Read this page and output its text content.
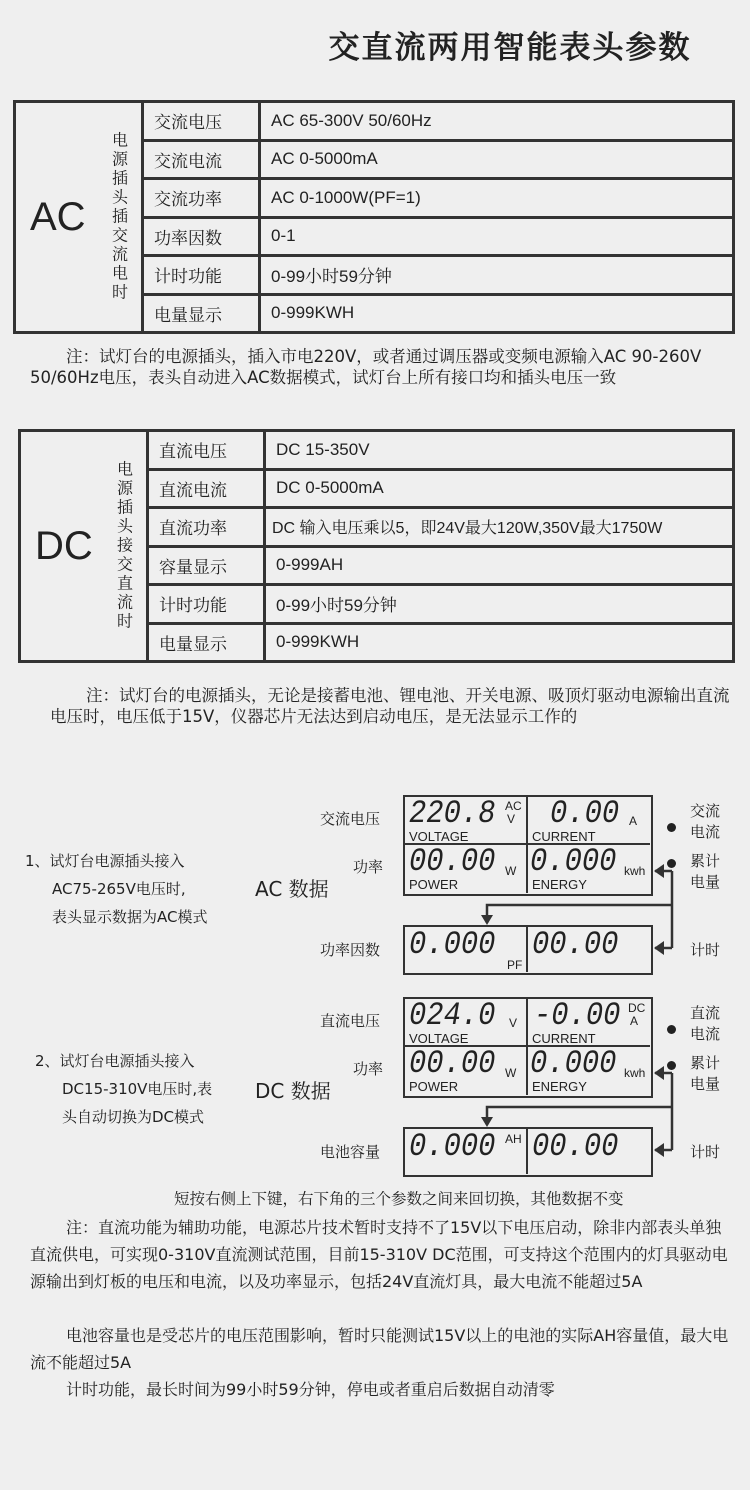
交直流两用智能表头参数
AC
电源插头插交流电时	交流电压	AC 65-300V 50/60Hz
	交流电流	AC 0-5000mA
	交流功率	AC 0-1000W(PF=1)
	功率因数	0-1
	计时功能	0-99小时59分钟
	电量显示	0-999KWH
注：试灯台的电源插头，插入市电220V，或者通过调压器或变频电源输入AC 90-260V 50/60Hz电压，表头自动进入AC数据模式，试灯台上所有接口均和插头电压一致
DC
电源插头接交直流时	直流电压	DC 15-350V
	直流电流	DC 0-5000mA
	直流功率	DC 输入电压乘以5，即24V最大120W,350V最大1750W
	容量显示	0-999AH
	计时功能	0-99小时59分钟
	电量显示	0-999KWH
注：试灯台的电源插头，无论是接蓄电池、锂电池、开关电源、吸顶灯驱动电源输出直流电压时，电压低于15V，仪器芯片无法达到启动电压，是无法显示工作的
1、试灯台电源插头接入
AC75-265V电压时,
表头显示数据为AC模式
AC 数据
交流电压
功率
功率因数
220.8 AC
V
VOLTAGE
0.00 A
CURRENT
00.00 W
POWER
0.000 kwh
ENERGY
0.000
PF
00.00
交流
电流
累计
电量
计时
2、试灯台电源插头接入
DC15-310V电压时,表
头自动切换为DC模式
DC 数据
直流电压
功率
电池容量
024.0 V
VOLTAGE
-0.00 DC
A
CURRENT
00.00 W
POWER
0.000 kwh
ENERGY
0.000 AH 00.00
直流
电流
累计
电量
计时
短按右侧上下键，右下角的三个参数之间来回切换，其他数据不变
注：直流功能为辅助功能，电源芯片技术暂时支持不了15V以下电压启动，除非内部表头单独直流供电，可实现0-310V直流测试范围，目前15-310V DC范围，可支持这个范围内的灯具驱动电源输出到灯板的电压和电流，以及功率显示，包括24V直流灯具，最大电流不能超过5A
电池容量也是受芯片的电压范围影响，暂时只能测试15V以上的电池的实际AH容量值，最大电流不能超过5A
计时功能，最长时间为99小时59分钟，停电或者重启后数据自动清零
